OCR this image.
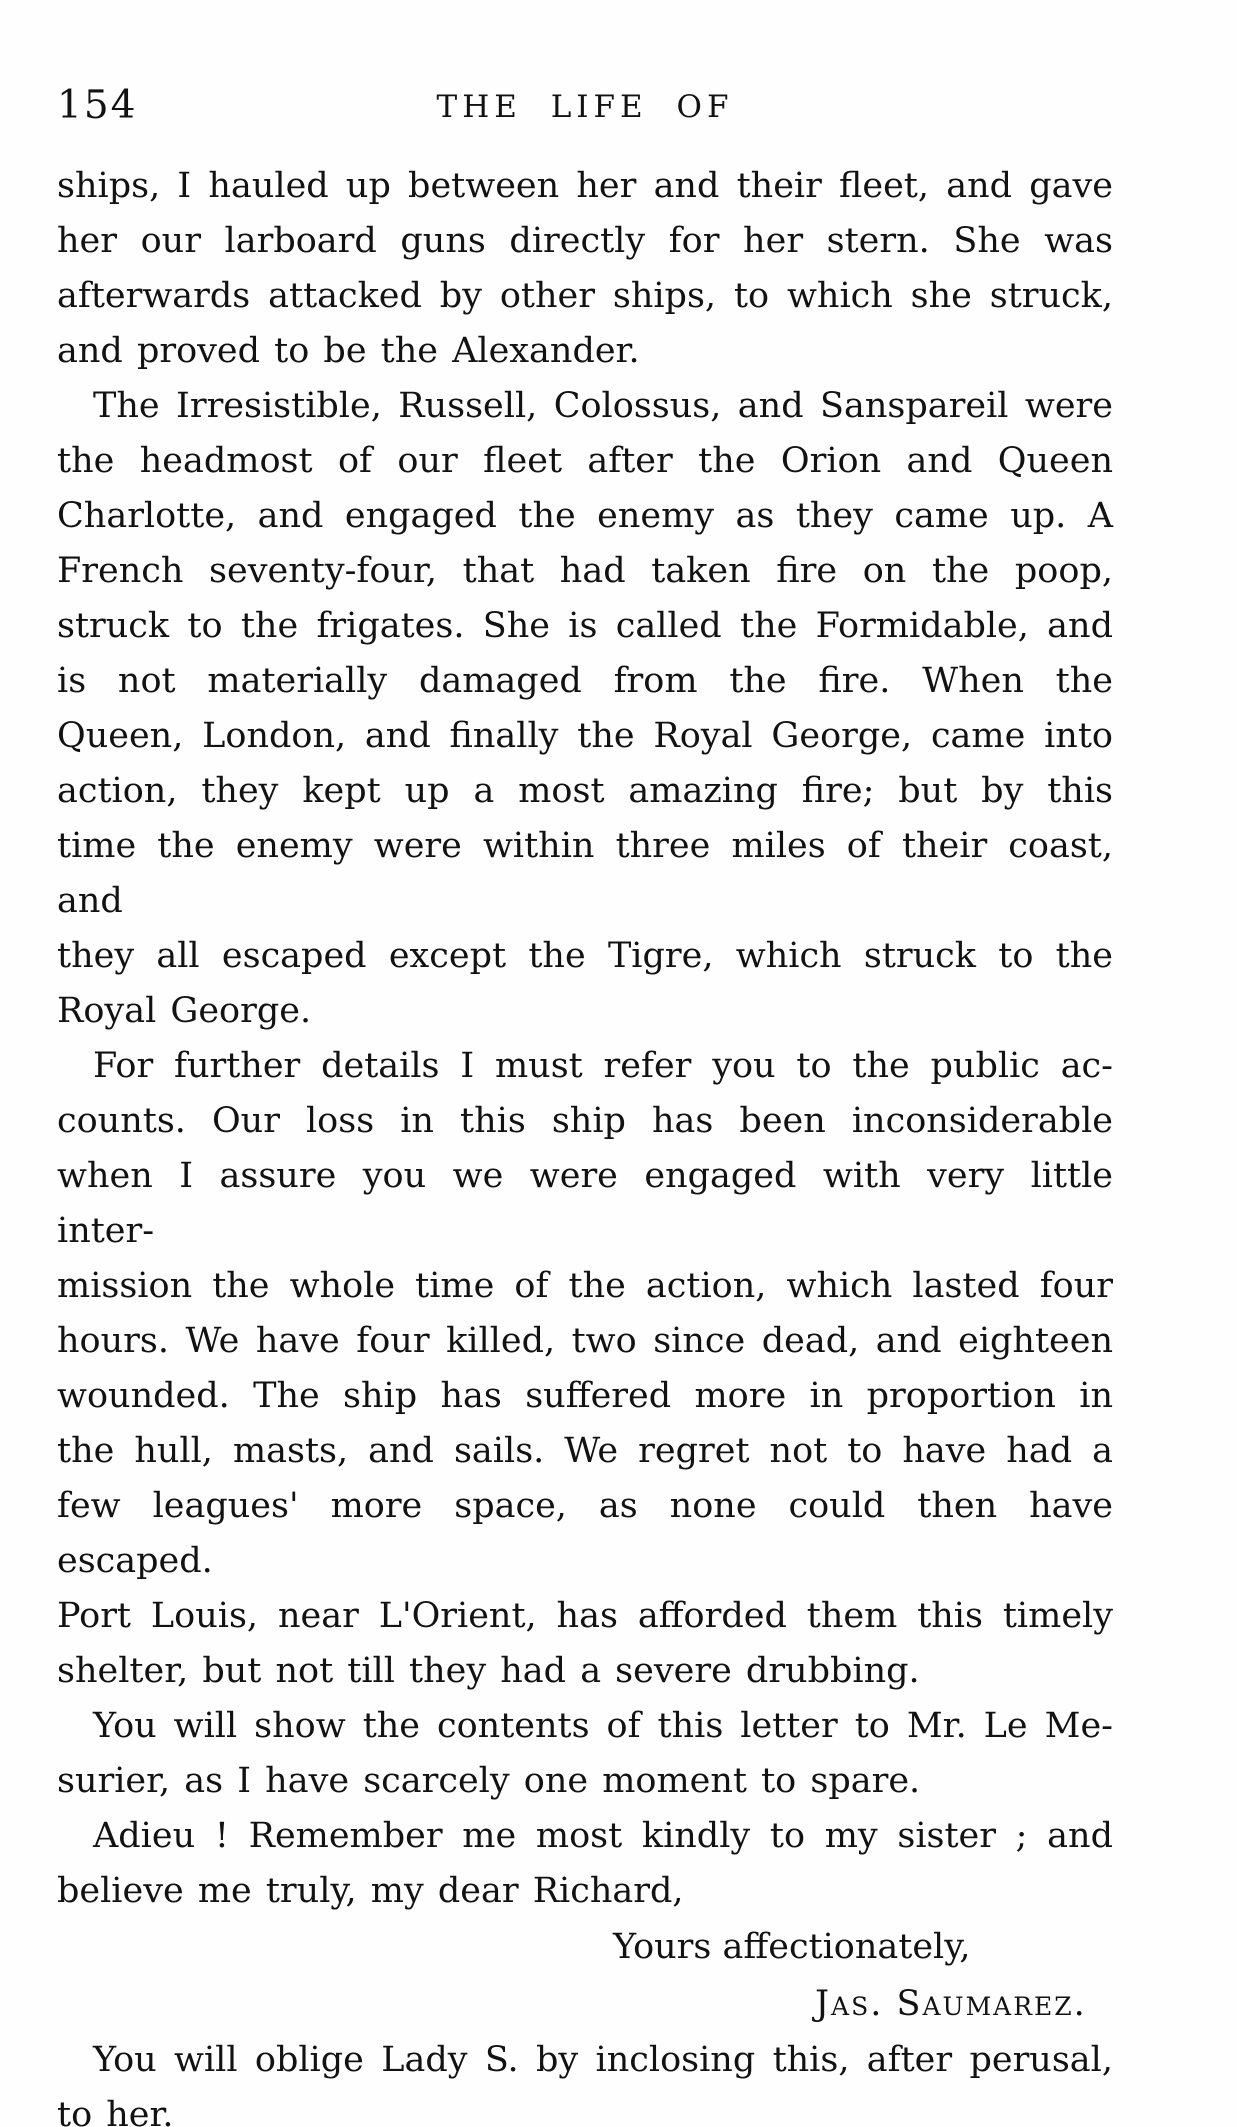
154	THE LIFE OF
ships, I hauled up between her and their fleet, and gave
her our larboard guns directly for her stern. She was
afterwards attacked by other ships, to which she struck,
and proved to be the Alexander.
The Irresistible, Russell, Colossus, and Sanspareil were
the headmost of our fleet after the Orion and Queen
Charlotte, and engaged the enemy as they came up. A
French seventy-four, that had taken fire on the poop,
struck to the frigates. She is called the Formidable, and
is not materially damaged from the fire. When the
Queen, London, and finally the Royal George, came into
action, they kept up a most amazing fire; but by this
time the enemy were within three miles of their coast, and
they all escaped except the Tigre, which struck to the
Royal George.
For further details I must refer you to the public ac-
counts. Our loss in this ship has been inconsiderable
when I assure you we were engaged with very little inter-
mission the whole time of the action, which lasted four
hours. We have four killed, two since dead, and eighteen
wounded. The ship has suffered more in proportion in
the hull, masts, and sails. We regret not to have had a
few leagues' more space, as none could then have escaped.
Port Louis, near L'Orient, has afforded them this timely
shelter, but not till they had a severe drubbing.
You will show the contents of this letter to Mr. Le Me-
surier, as I have scarcely one moment to spare.
Adieu ! Remember me most kindly to my sister ; and
believe me truly, my dear Richard,
Yours affectionately,
Jas. Saumarez.
You will oblige Lady S. by inclosing this, after perusal,
to her.
